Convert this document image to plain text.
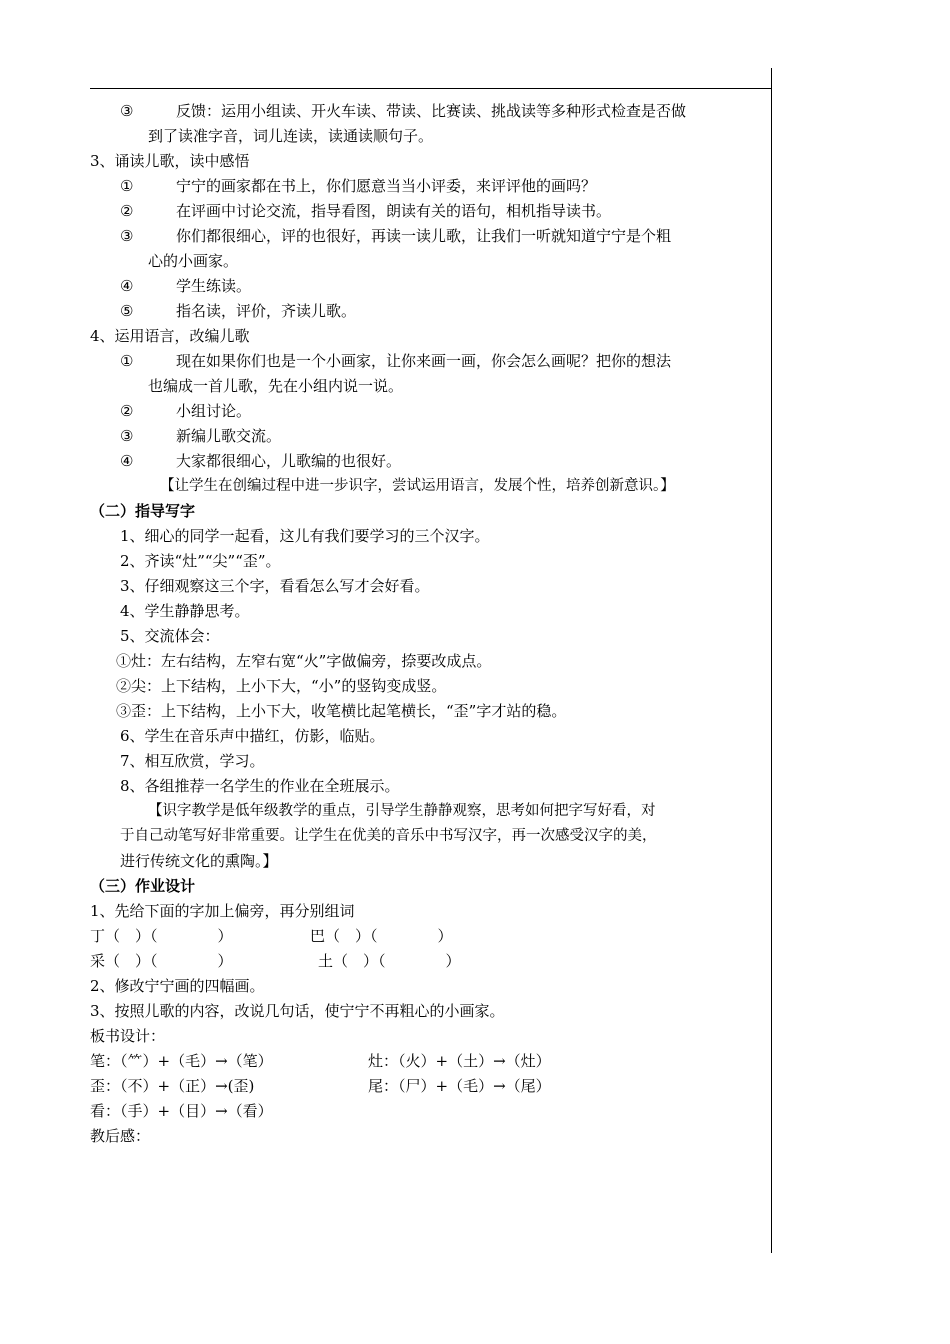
③	反馈：运用小组读、开火车读、带读、比赛读、挑战读等多种形式检查是否做
到了读准字音，词儿连读，读通读顺句子。
3、诵读儿歌，读中感悟
①	宁宁的画家都在书上，你们愿意当当小评委，来评评他的画吗？
②	在评画中讨论交流，指导看图，朗读有关的语句，相机指导读书。
③	你们都很细心，评的也很好，再读一读儿歌，让我们一听就知道宁宁是个粗
心的小画家。
④	学生练读。
⑤	指名读，评价，齐读儿歌。
4、运用语言，改编儿歌
①	现在如果你们也是一个小画家，让你来画一画，你会怎么画呢？把你的想法
也编成一首儿歌，先在小组内说一说。
②	小组讨论。
③	新编儿歌交流。
④	大家都很细心，儿歌编的也很好。
【让学生在创编过程中进一步识字，尝试运用语言，发展个性，培养创新意识。】
（二）指导写字
1、细心的同学一起看，这儿有我们要学习的三个汉字。
2、齐读“灶”“尖”“歪”。
3、仔细观察这三个字，看看怎么写才会好看。
4、学生静静思考。
5、交流体会：
①灶：左右结构，左窄右宽“火”字做偏旁，捺要改成点。
②尖：上下结构，上小下大，“小”的竖钩变成竖。
③歪：上下结构，上小下大，收笔横比起笔横长，“歪”字才站的稳。
6、学生在音乐声中描红，仿影，临贴。
7、相互欣赏，学习。
8、各组推荐一名学生的作业在全班展示。
【识字教学是低年级教学的重点，引导学生静静观察，思考如何把字写好看，对
于自己动笔写好非常重要。让学生在优美的音乐中书写汉字，再一次感受汉字的美，
进行传统文化的熏陶。】
（三）作业设计
1、先给下面的字加上偏旁，再分别组词
丁（　）（　　　　）	巴（　）（　　　　）
采（　）（　　　　）	土（　）（　　　　）
2、修改宁宁画的四幅画。
3、按照儿歌的内容，改说几句话，使宁宁不再粗心的小画家。
板书设计：
笔：（⺮）+（毛）→（笔）	灶：（火）+（土）→（灶）
歪：（不）+（正）→(歪)	尾：（尸）+（毛）→（尾）
看：（手）+（目）→（看）
教后感：
